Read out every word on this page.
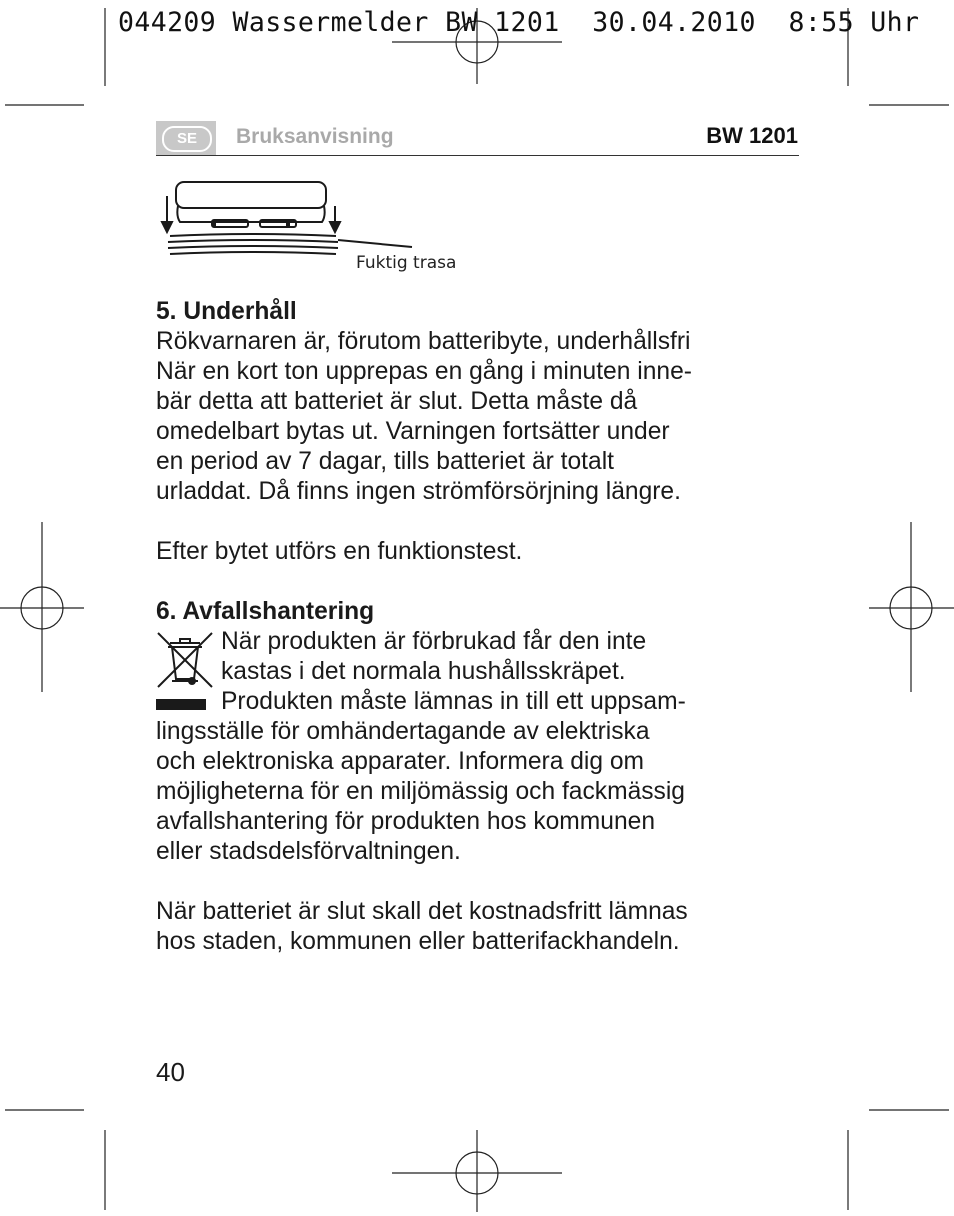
044209 Wassermelder BW 1201  30.04.2010  8:55 Uhr
SE	Bruksanvisning	BW 1201
Fuktig trasa
5. Underhåll
Rökvarnaren är, förutom batteribyte, underhållsfri
När en kort ton upprepas en gång i minuten inne-
bär detta att batteriet är slut. Detta måste då
omedelbart bytas ut. Varningen fortsätter under
en period av 7 dagar, tills batteriet är totalt
urladdat. Då finns ingen strömförsörjning längre.
Efter bytet utförs en funktionstest.
6. Avfallshantering
När produkten är förbrukad får den inte
kastas i det normala hushållsskräpet.
Produkten måste lämnas in till ett uppsam-
lingsställe för omhändertagande av elektriska
och elektroniska apparater. Informera dig om
möjligheterna för en miljömässig och fackmässig
avfallshantering för produkten hos kommunen
eller stadsdelsförvaltningen.
När batteriet är slut skall det kostnadsfritt lämnas
hos staden, kommunen eller batterifackhandeln.
40
